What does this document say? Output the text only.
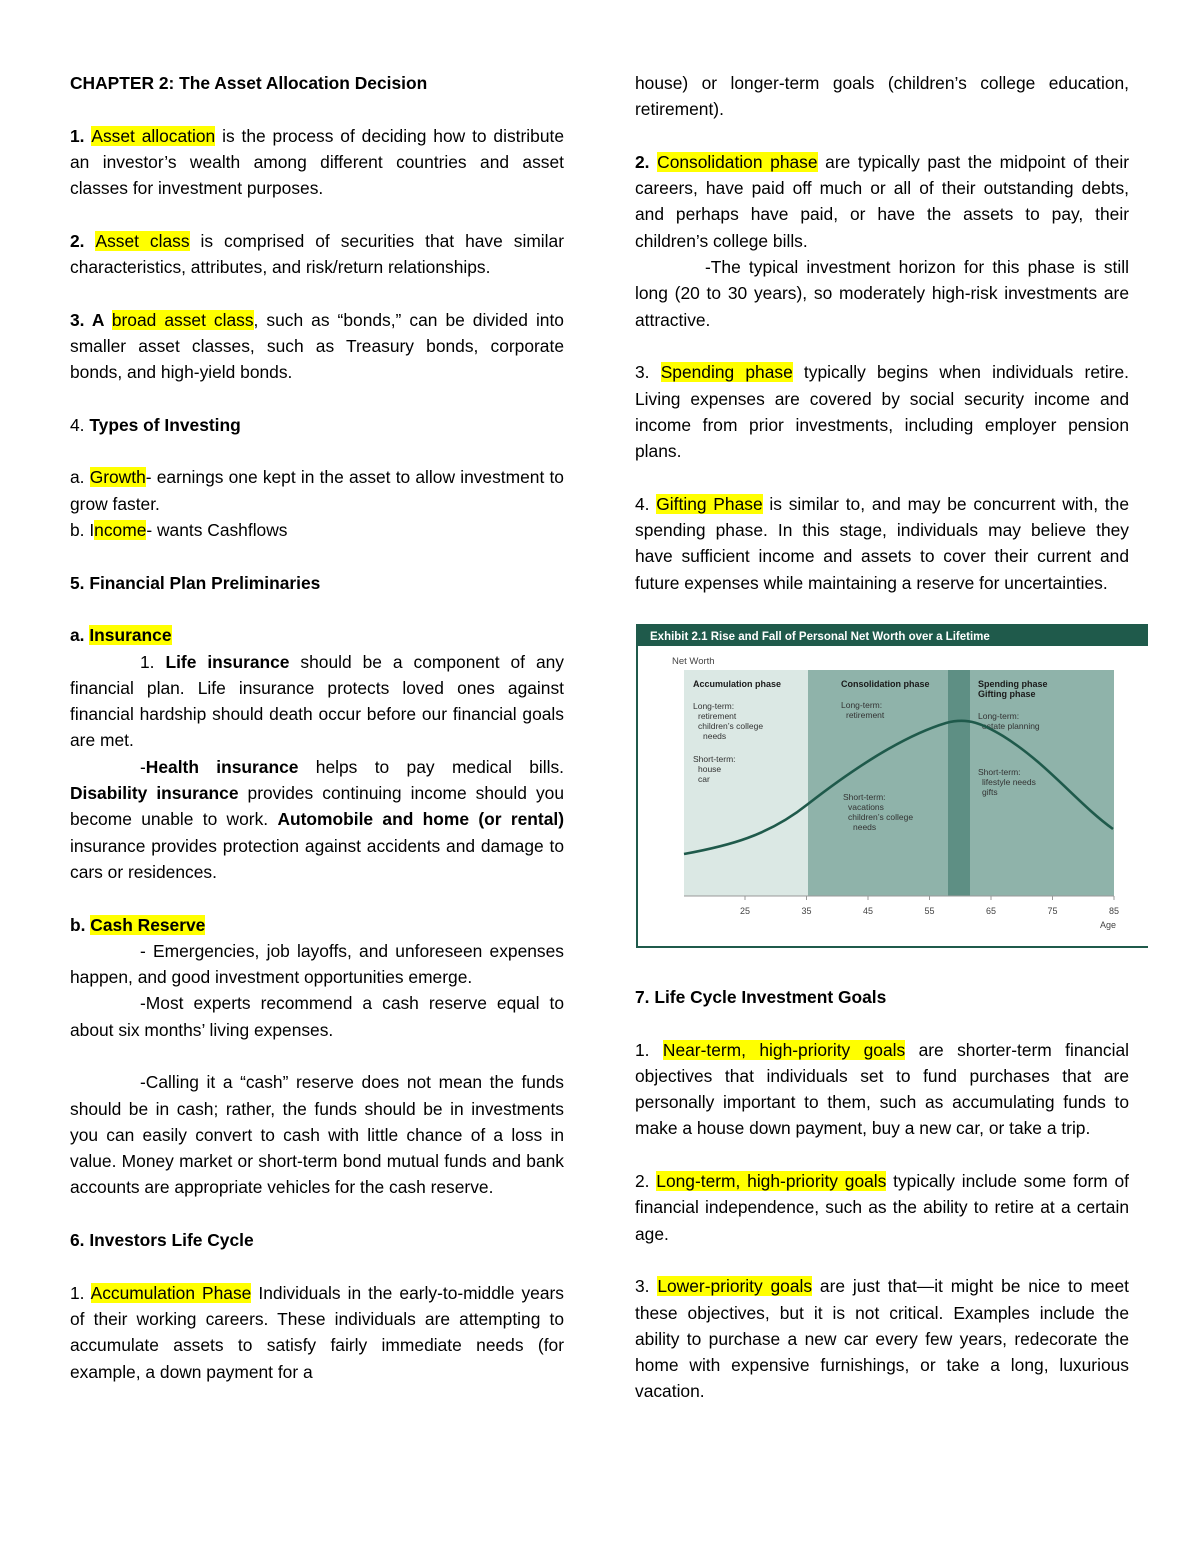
CHAPTER 2: The Asset Allocation Decision

1. Asset allocation is the process of deciding how to distribute an investor’s wealth among different countries and asset classes for investment purposes.

2. Asset class is comprised of securities that have similar characteristics, attributes, and risk/return relationships.

3. A broad asset class, such as “bonds,” can be divided into smaller asset classes, such as Treasury bonds, corporate bonds, and high-yield bonds.

4. Types of Investing

a. Growth- earnings one kept in the asset to allow investment to grow faster.

b. Income- wants Cashflows

5. Financial Plan Preliminaries

a. Insurance

1. Life insurance should be a component of any financial plan. Life insurance protects loved ones against financial hardship should death occur before our financial goals are met.

-Health insurance helps to pay medical bills. Disability insurance provides continuing income should you become unable to work. Automobile and home (or rental) insurance provides protection against accidents and damage to cars or residences.

b. Cash Reserve

- Emergencies, job layoffs, and unforeseen expenses happen, and good investment opportunities emerge.

-Most experts recommend a cash reserve equal to about six months’ living expenses.

-Calling it a “cash” reserve does not mean the funds should be in cash; rather, the funds should be in investments you can easily convert to cash with little chance of a loss in value. Money market or short-term bond mutual funds and bank accounts are appropriate vehicles for the cash reserve.

6. Investors Life Cycle

1. Accumulation Phase Individuals in the early-to-middle years of their working careers. These individuals are attempting to accumulate assets to satisfy fairly immediate needs (for example, a down payment for a

house) or longer-term goals (children’s college education, retirement).

2. Consolidation phase are typically past the midpoint of their careers, have paid off much or all of their outstanding debts, and perhaps have paid, or have the assets to pay, their children’s college bills.

-The typical investment horizon for this phase is still long (20 to 30 years), so moderately high-risk investments are attractive.

3. Spending phase typically begins when individuals retire. Living expenses are covered by social security income and income from prior investments, including employer pension plans.

4. Gifting Phase is similar to, and may be concurrent with, the spending phase. In this stage, individuals may believe they have sufficient income and assets to cover their current and future expenses while maintaining a reserve for uncertainties.

7. Life Cycle Investment Goals

1. Near-term, high-priority goals are shorter-term financial objectives that individuals set to fund purchases that are personally important to them, such as accumulating funds to make a house down payment, buy a new car, or take a trip.

2. Long-term, high-priority goals typically include some form of financial independence, such as the ability to retire at a certain age.

3. Lower-priority goals are just that—it might be nice to meet these objectives, but it is not critical. Examples include the ability to purchase a new car every few years, redecorate the home with expensive furnishings, or take a long, luxurious vacation.

Exhibit 2.1 Rise and Fall of Personal Net Worth over a Lifetime
Net Worth
Accumulation phase
Long-term:
retirement
children’s college
needs
Short-term:
house
car
Consolidation phase
Long-term:
retirement
Short-term:
vacations
children’s college
needs
Spending phase
Gifting phase
Long-term:
estate planning
Short-term:
lifestyle needs
gifts
25	35	45	55	65	75	85
Age
